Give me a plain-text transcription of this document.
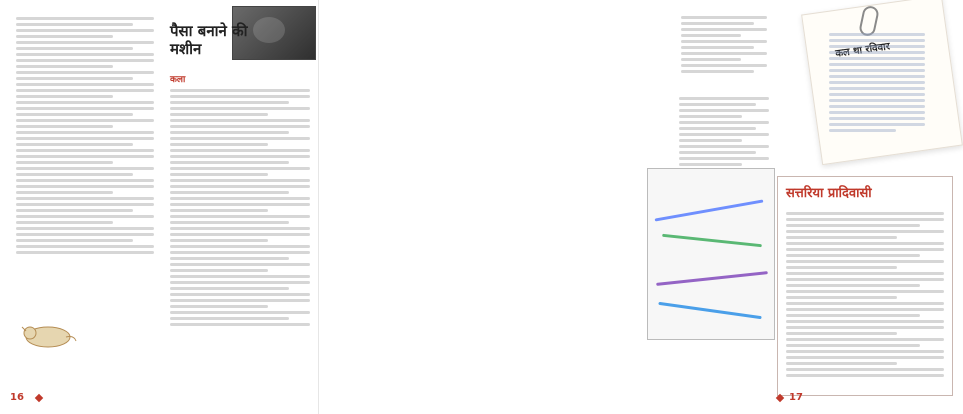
पैसा बनाने की मशीन
कला
16
कल था रविवार
सत्तरिया प्रादिवासी
17
